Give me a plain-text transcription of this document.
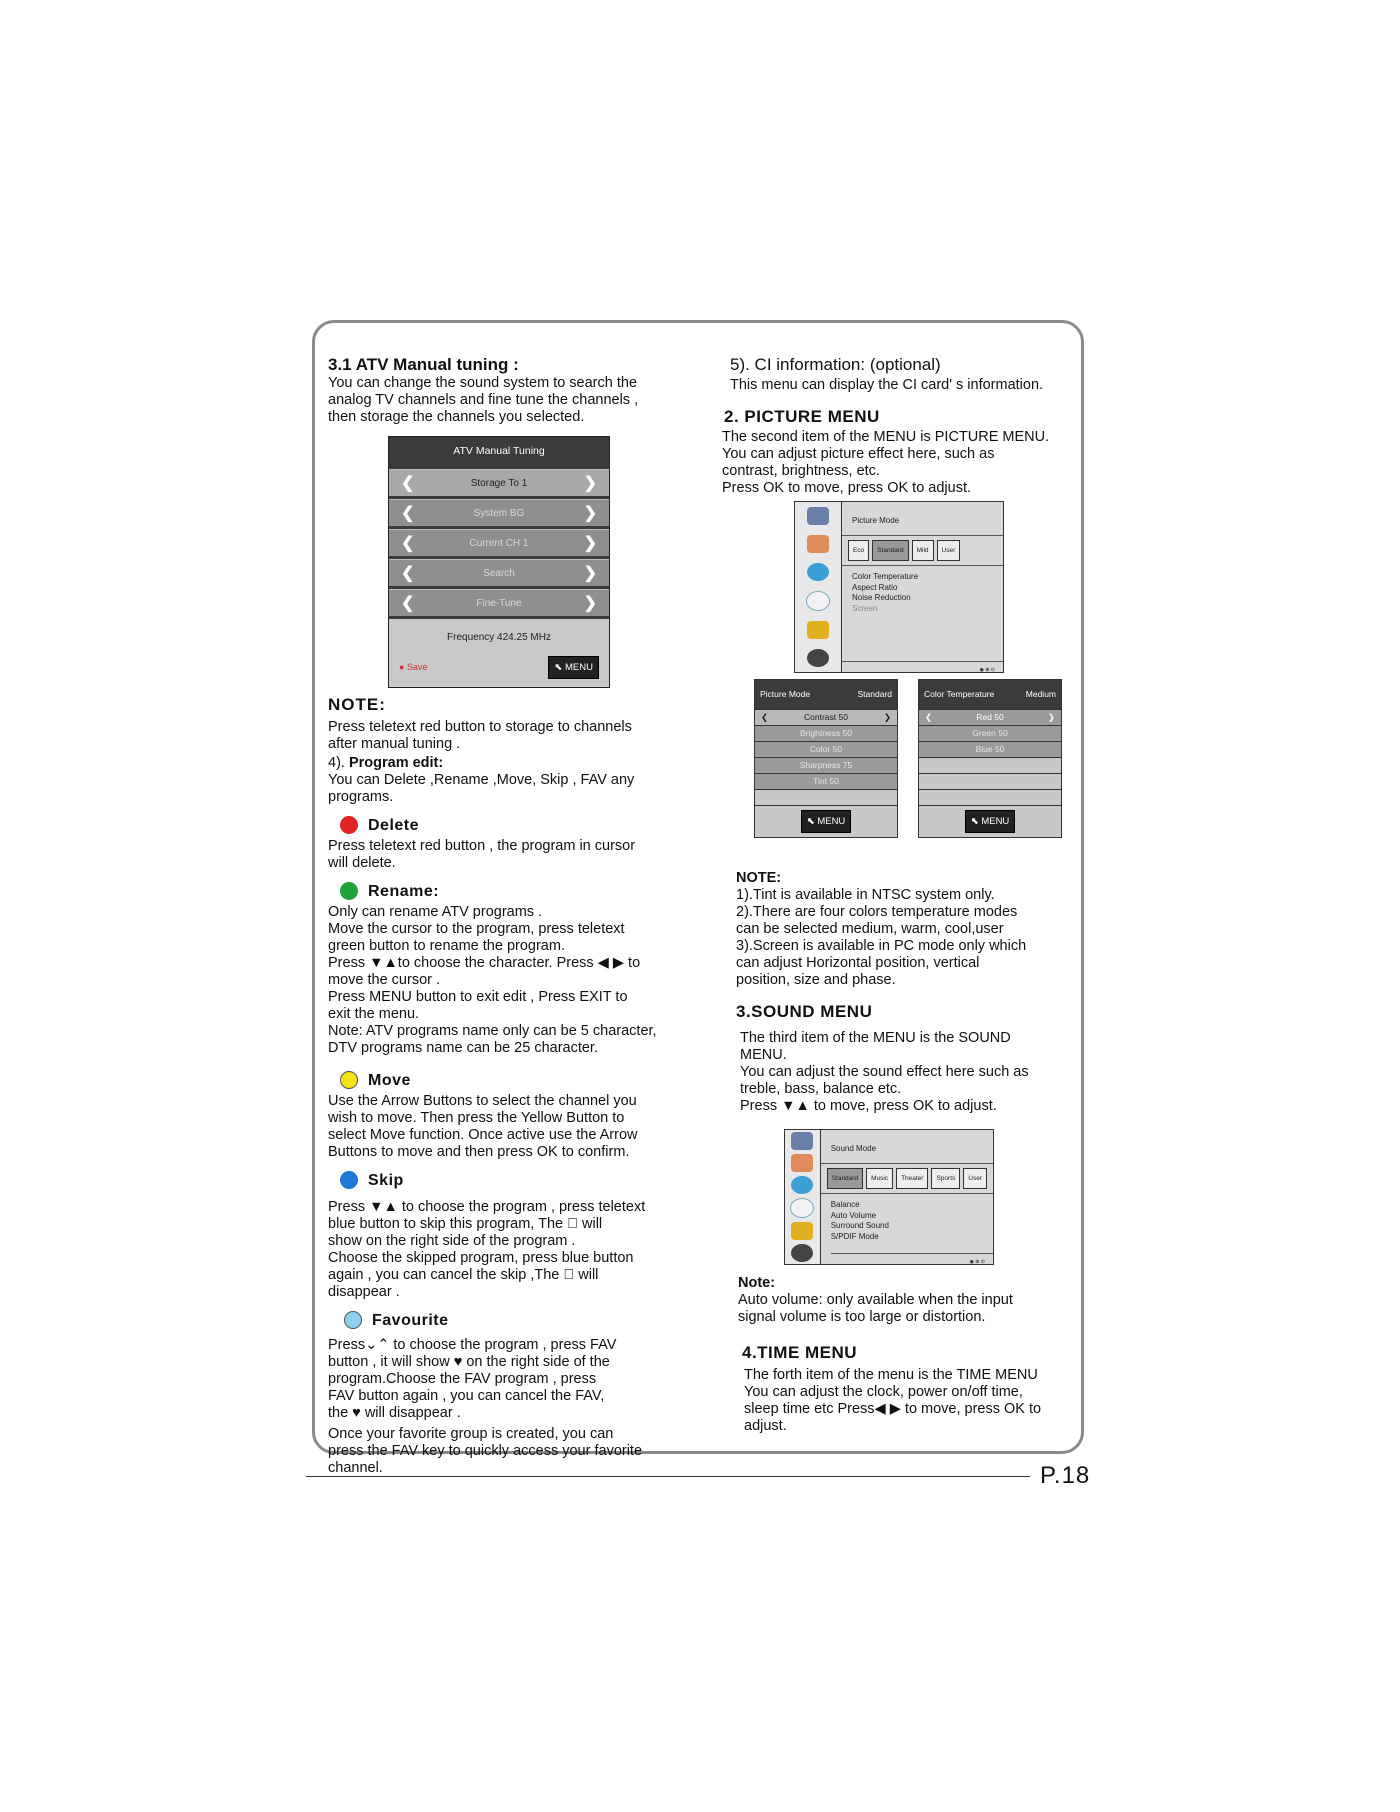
3.1 ATV Manual tuning :

You can change the sound system to search the
analog TV channels and fine tune the channels ,
then storage the channels you selected.

ATV Manual Tuning
❮	Storage To 1	❯
❮	System BG	❯
❮	Current CH 1	❯
❮	Search	❯
❮	Fine-Tune	❯
Frequency 424.25 MHz
● Save	⬉ MENU
NOTE:

Press teletext red button to storage to channels
after manual tuning .

4). Program edit:

You can Delete ,Rename ,Move, Skip , FAV any
programs.

Delete

Press teletext red button , the program in cursor
will delete.

Rename:

Only can rename ATV programs .
Move the cursor to the program, press teletext
green button to rename the program.
Press ▼▲to choose the character. Press ◀ ▶ to
move the cursor .
Press MENU button to exit edit , Press EXIT to
exit the menu.
Note: ATV programs name only can be 5 character,
DTV programs name can be 25 character.

Move

Use the Arrow Buttons to select the channel you
wish to move. Then press the Yellow Button to
select Move function. Once active use the Arrow
Buttons to move and then press OK to confirm.

Skip

Press ▼▲ to choose the program , press teletext
blue button to skip this program, The ⃠ will
show on the right side of the program .
Choose the skipped program, press blue button
again , you can cancel the skip ,The ⃠ will
disappear .

Favourite

Press⌄⌃ to choose the program , press FAV
button , it will show ♥ on the right side of the
program.Choose the FAV program , press
FAV button again , you can cancel the FAV,
the ♥ will disappear .

Once your favorite group is created, you can
press the FAV key to quickly access your favorite
channel.

5). CI information: (optional)

This menu can display the CI card' s information.

2. PICTURE MENU

The second item of the MENU is PICTURE MENU.
You can adjust picture effect here, such as
contrast, brightness, etc.
Press OK to move, press OK to adjust.

Picture Mode
Eco	Standard	Mild	User
Color Temperature
Aspect Ratio
Noise Reduction
Screen
◉ ⊕ ⊙
Picture Mode	Standard
❮	Contrast 50	❯
Brightness 50
Color 50
Sharpness 75
Tint 50
⬉ MENU
Color Temperature	Medium
❮	Red 50	❯
Green 50
Blue 50
⬉ MENU
NOTE:

1).Tint is available in NTSC system only.
2).There are four colors temperature modes
can be selected medium, warm, cool,user
3).Screen is available in PC mode only which
can adjust Horizontal position, vertical
position, size and phase.

3.SOUND MENU

The third item of the MENU is the SOUND
MENU.
You can adjust the sound effect here such as
treble, bass, balance etc.
Press ▼▲ to move, press OK to adjust.

Sound Mode
Standard	Music	Theater	Sports	User
Balance
Auto Volume
Surround Sound
S/PDIF Mode
◉ ⊕ ⊙
Note:

Auto volume: only available when the input
signal volume is too large or distortion.

4.TIME MENU

The forth item of the menu is the TIME MENU
You can adjust the clock, power on/off time,
sleep time etc Press◀ ▶ to move, press OK to
adjust.

P.18
